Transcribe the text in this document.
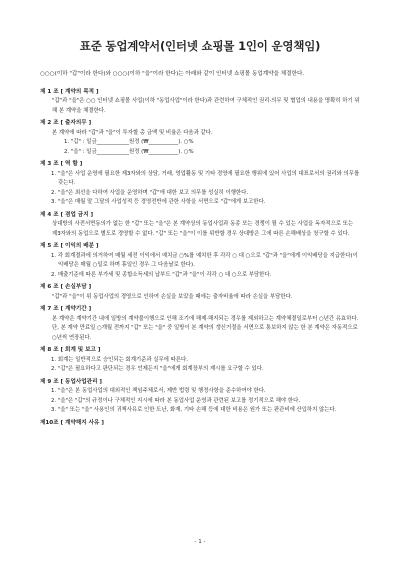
표준 동업계약서(인터넷 쇼핑몰 1인이 운영책임)
○○○(이하 "갑"이라 한다)와 ○○○(이하 "을"이라 한다)는 아래와 같이 인터넷 쇼핑몰 동업계약을 체결한다.
제 1 조 [ 계약의 목적 ]
"갑"과 "을"은 ○○ 인터넷 쇼핑몰 사업(이하 "동업사업"이라 한다)과 관련하여 구체적인 권리·의무 및 협업의 내용을 명확히 하기 위해 본 계약을 체결한다.
제 2 조 [ 출자의무 ]
본 계약에 따라 "갑"과 "을"이 투자할 총 금액 및 비율은 다음과 같다.
1. "갑" : 일금____________원정 (₩___________). ○%
2. "을" : 일금____________원정 (₩___________). ○%
제 3 조 [ 역 할 ]
1. "을"은 사업 운영에 필요한 제3자와의 상담, 거래, 영업활동 및 기타 경영에 필요한 행위에 있어 사업의 대표로서의 권리와 의무를 갖는다.
2. "을"은 최선을 다하여 사업을 운영하며 "갑"에 대한 보고 의무를 성실히 이행한다.
3. "을"은 매월 말 그달의 사업성적 등 경영전반에 관한 사항을 서면으로 "갑"에게 보고한다.
제 4 조 [ 겸업 금지 ]
상대방의 사전서면동의가 없는 한 "갑" 또는 "을"은 본 계약상의 동업사업과 동종 또는 경쟁이 될 수 있는 사업을 독자적으로 또는 제3자와의 동업으로 별도로 경영할 수 없다. "갑" 또는 "을"이 이를 위반할 경우 상대방은 그에 따른 손해배상을 청구할 수 있다.
제 5 조 [ 이익의 배분 ]
1. 각 회계결과에 의거하여 매월 세전 이익에서 예치금 ○%를 예치한 후 각각 ○ 대 ○으로 "갑"과 "을"에게 이익배당을 지급한다(이익배당은 매월 ○일로 하며 휴일인 경우 그 다음날로 한다).
2. 매출기준에 따른 부가세 및 종합소득세의 납부도 "갑"과 "을"이 각각 ○ 대 ○으로 부담한다.
제 6 조 [ 손실부담 ]
"갑"과 "을"이 위 동업사업의 경영으로 인하여 손실을 보았을 때에는 출자비율에 따라 손실을 부담한다.
제 7 조 [ 계약기간 ]
본 계약은 계약기간 내에 일방의 계약불이행으로 인해 조기에 해제·해지되는 경우를 제외하고는 계약체결일로부터 ○년간 유효하다.
단, 본 계약 만료일 ○개월 전까지 "갑" 또는 "을" 중 일방이 본 계약의 갱신거절을 서면으로 통보하지 않는 한 본 계약은 자동적으로 ○년씩 연장된다.
제 8 조 [ 회계 및 보고 ]
1. 회계는 일반적으로 승인되는 회계기준과 실무에 따른다.
2. "갑"은 필요하다고 판단되는 경우 언제든지 "을"에게 회계장부의 제시를 요구할 수 있다.
제 9 조 [ 동업사업관리 ]
1. "을"은 본 동업사업의 대외적인 책임주체로서, 제반 법령 및 행정사항을 준수하여야 한다.
2. "을"은 "갑"의 규정이나 구체적인 지시에 따라 본 동업사업 운영과 관련된 보고를 정기적으로 해야 한다.
3. "을" 또는 "을" 사용인의 귀책사유로 인한 도난, 화재, 기타 손해 등에 대한 비용은 원가 또는 판관비에 산입하지 않는다.
제10조 [ 계약해지 사유 ]
- 1 -
